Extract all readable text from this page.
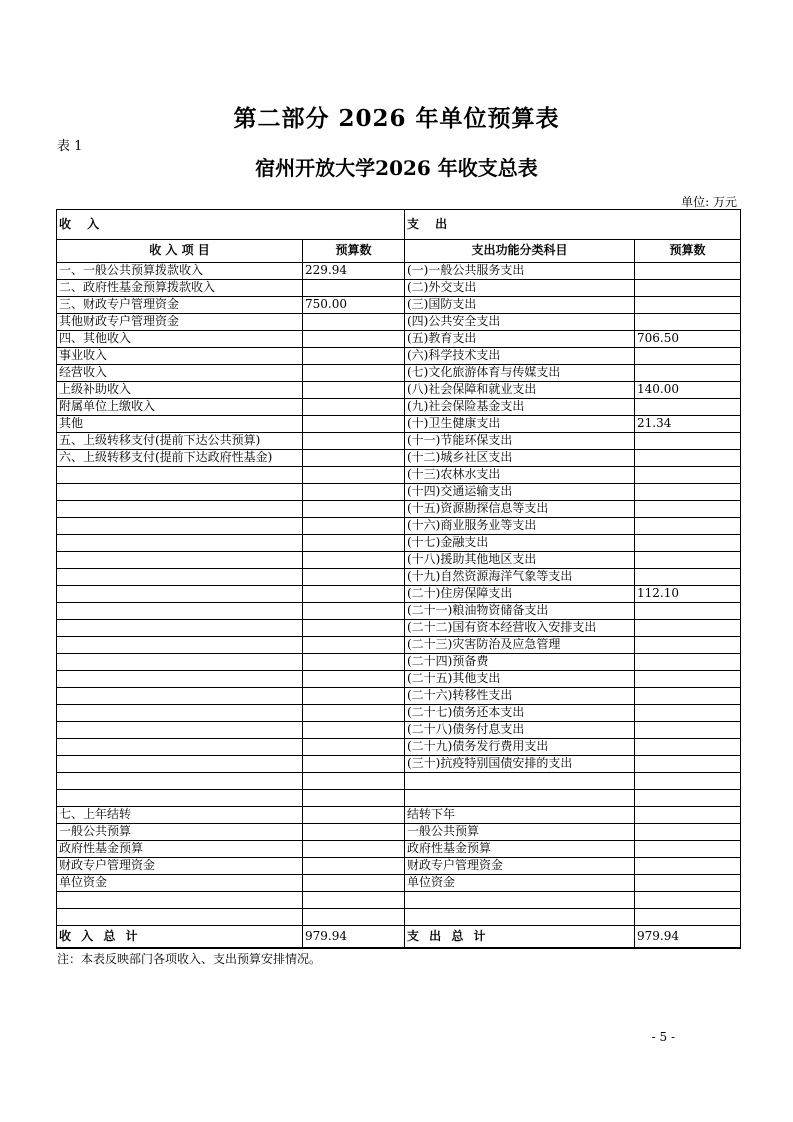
第二部分 2026 年单位预算表
表 1
宿州开放大学2026 年收支总表
单位: 万元
收 入		支 出	
收 入 项 目	预算数	支出功能分类科目	预算数
一、一般公共预算拨款收入	229.94	(一)一般公共服务支出	
二、政府性基金预算拨款收入		(二)外交支出	
三、财政专户管理资金	750.00	(三)国防支出	
其他财政专户管理资金		(四)公共安全支出	
四、其他收入		(五)教育支出	706.50
事业收入		(六)科学技术支出	
经营收入		(七)文化旅游体育与传媒支出	
上级补助收入		(八)社会保障和就业支出	140.00
附属单位上缴收入		(九)社会保险基金支出	
其他		(十)卫生健康支出	21.34
五、上级转移支付(提前下达公共预算)		(十一)节能环保支出	
六、上级转移支付(提前下达政府性基金)		(十二)城乡社区支出	
		(十三)农林水支出	
		(十四)交通运输支出	
		(十五)资源勘探信息等支出	
		(十六)商业服务业等支出	
		(十七)金融支出	
		(十八)援助其他地区支出	
		(十九)自然资源海洋气象等支出	
		(二十)住房保障支出	112.10
		(二十一)粮油物资储备支出	
		(二十二)国有资本经营收入安排支出	
		(二十三)灾害防治及应急管理	
		(二十四)预备费	
		(二十五)其他支出	
		(二十六)转移性支出	
		(二十七)债务还本支出	
		(二十八)债务付息支出	
		(二十九)债务发行费用支出	
		(三十)抗疫特别国债安排的支出	

七、上年结转		结转下年	
一般公共预算		一般公共预算	
政府性基金预算		政府性基金预算	
财政专户管理资金		财政专户管理资金	
单位资金		单位资金	

收 入 总 计	979.94	支 出 总 计	979.94
注：本表反映部门各项收入、支出预算安排情况。
- 5 -
